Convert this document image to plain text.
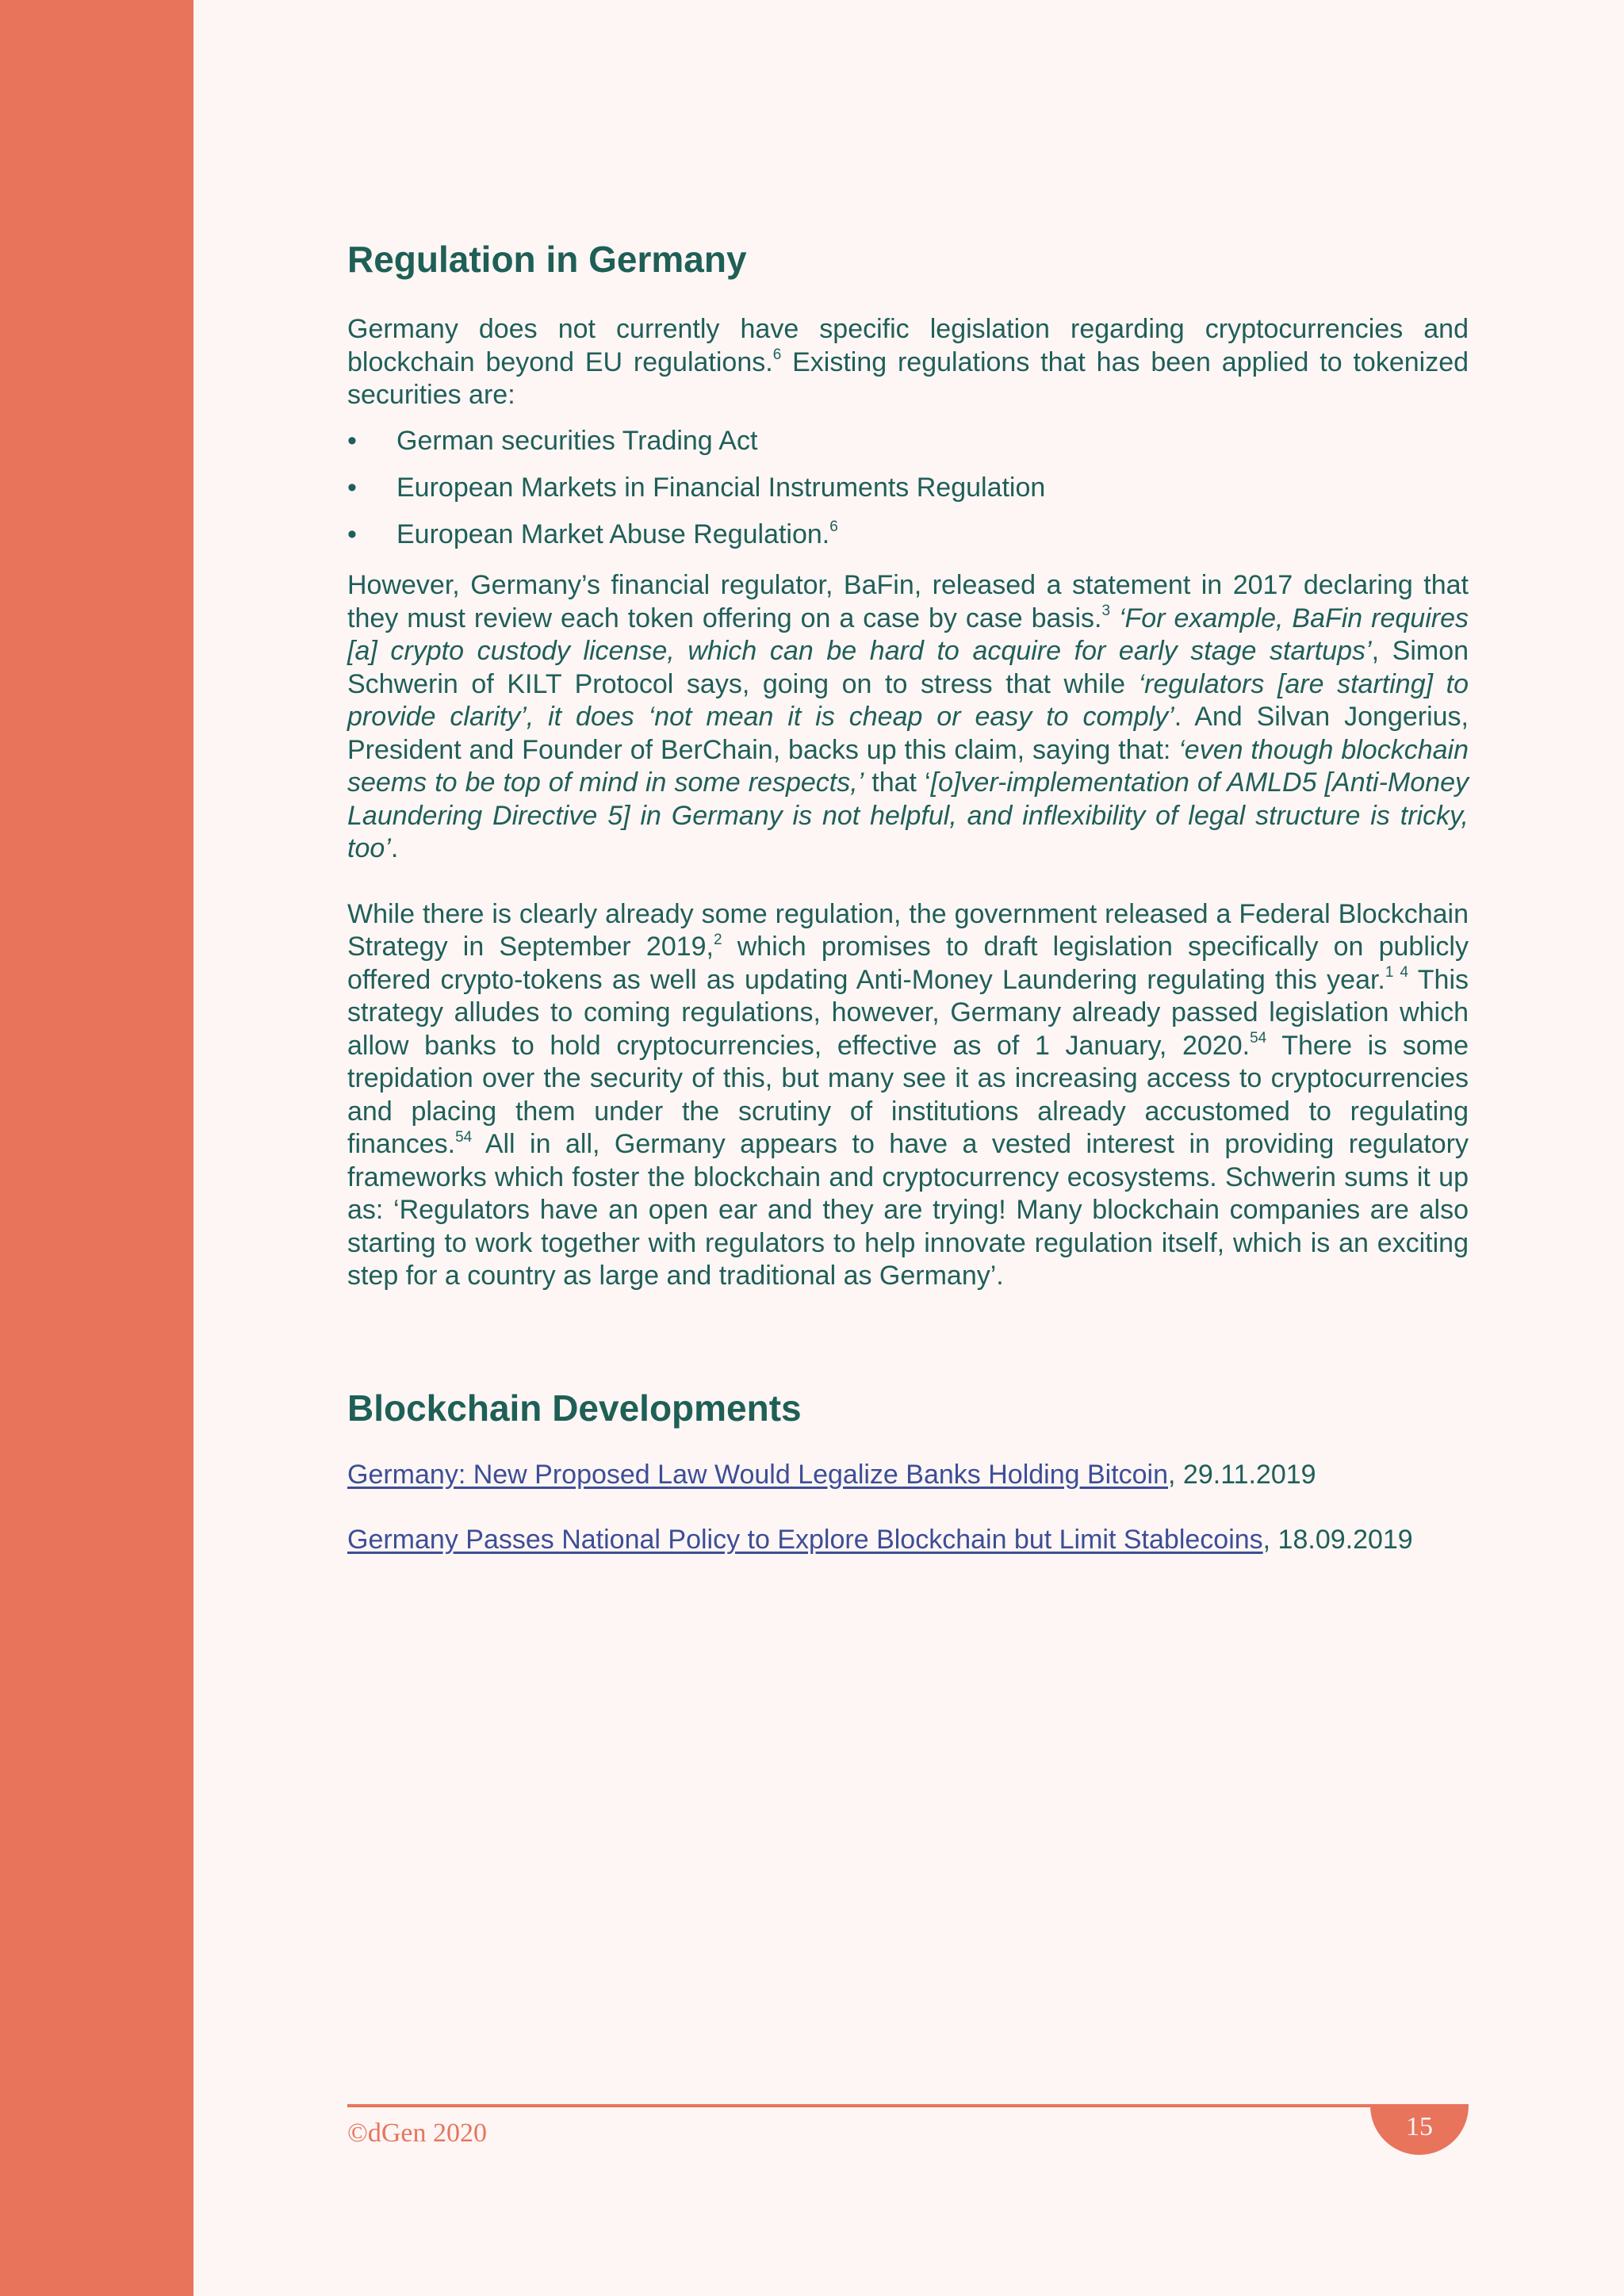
Regulation in Germany

Germany does not currently have specific legislation regarding cryptocurrencies and blockchain beyond EU regulations.$^6$ Existing regulations that has been applied to tokenized securities are:

•	German securities Trading Act
•	European Markets in Financial Instruments Regulation
•	European Market Abuse Regulation.$^6$

However, Germany’s financial regulator, BaFin, released a statement in 2017 declaring that they must review each token offering on a case by case basis.$^3$ ‘For example, BaFin requires [a] crypto custody license, which can be hard to acquire for early stage startups’, Simon Schwerin of KILT Protocol says, going on to stress that while ‘regulators [are starting] to provide clarity’, it does ‘not mean it is cheap or easy to comply’. And Silvan Jongerius, President and Founder of BerChain, backs up this claim, saying that: ‘even though blockchain seems to be top of mind in some respects,’ that ‘[o]ver-implementation of AMLD5 [Anti-Money Laundering Directive 5] in Germany is not helpful, and inflexibility of legal structure is tricky, too’.

While there is clearly already some regulation, the government released a Federal Blockchain Strategy in September 2019,$^2$ which promises to draft legislation specifically on publicly offered crypto-tokens as well as updating Anti-Money Laundering regulating this year.$^{1 4}$ This strategy alludes to coming regulations, however, Germany already passed legislation which allow banks to hold cryptocurrencies, effective as of 1 January, 2020.54 There is some trepidation over the security of this, but many see it as increasing access to cryptocurrencies and placing them under the scrutiny of institutions already accustomed to regulating finances.$^{54}$ All in all, Germany appears to have a vested interest in providing regulatory frameworks which foster the blockchain and cryptocurrency ecosystems. Schwerin sums it up as: ‘Regulators have an open ear and they are trying! Many blockchain companies are also starting to work together with regulators to help innovate regulation itself, which is an exciting step for a country as large and traditional as Germany’.

Blockchain Developments

Germany: New Proposed Law Would Legalize Banks Holding Bitcoin, 29.11.2019

Germany Passes National Policy to Explore Blockchain but Limit Stablecoins, 18.09.2019

©dGen 2020	15
